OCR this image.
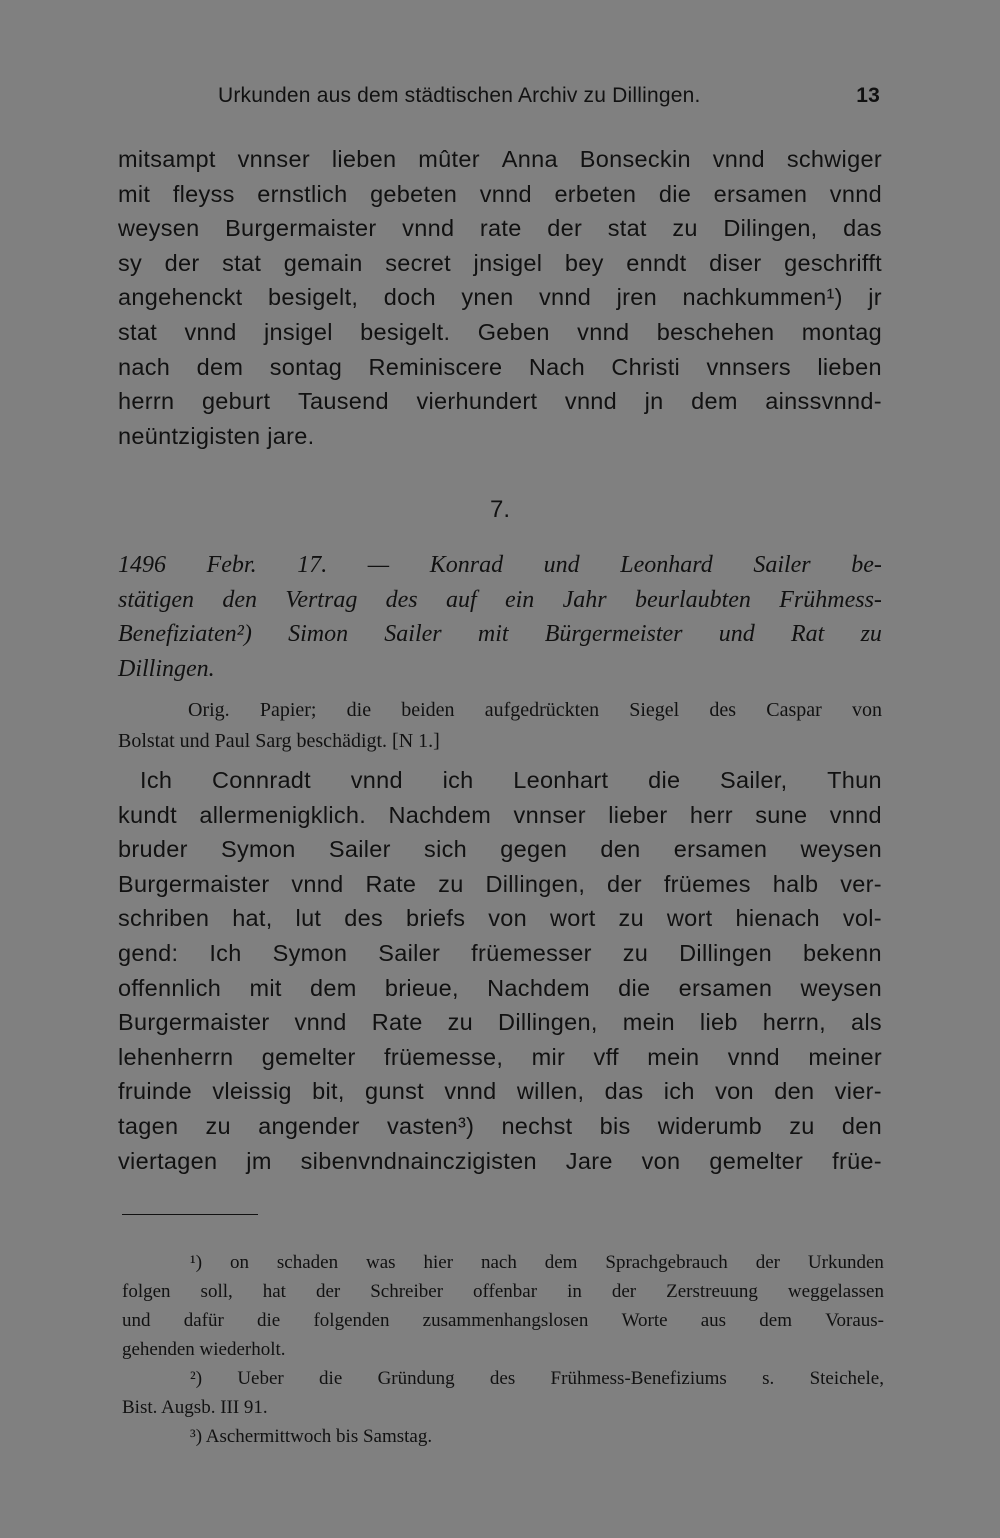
Urkunden aus dem städtischen Archiv zu Dillingen.	13
mitsampt vnnser lieben mûter Anna Bonseckin vnnd schwiger
mit fleyss ernstlich gebeten vnnd erbeten die ersamen vnnd
weysen Burgermaister vnnd rate der stat zu Dilingen, das
sy der stat gemain secret jnsigel bey enndt diser geschrifft
angehenckt besigelt, doch ynen vnnd jren nachkummen¹) jr
stat vnnd jnsigel besigelt. Geben vnnd beschehen montag
nach dem sontag Reminiscere Nach Christi vnnsers lieben
herrn geburt Tausend vierhundert vnnd jn dem ainssvnnd-
neüntzigisten jare.
7.
1496 Febr. 17. — Konrad und Leonhard Sailer be-
stätigen den Vertrag des auf ein Jahr beurlaubten Frühmess-
Benefiziaten²) Simon Sailer mit Bürgermeister und Rat zu
Dillingen.
Orig. Papier; die beiden aufgedrückten Siegel des Caspar von
Bolstat und Paul Sarg beschädigt. [N 1.]
Ich Connradt vnnd ich Leonhart die Sailer, Thun
kundt allermenigklich. Nachdem vnnser lieber herr sune vnnd
bruder Symon Sailer sich gegen den ersamen weysen
Burgermaister vnnd Rate zu Dillingen, der früemes halb ver-
schriben hat, lut des briefs von wort zu wort hienach vol-
gend: Ich Symon Sailer früemesser zu Dillingen bekenn
offennlich mit dem brieue, Nachdem die ersamen weysen
Burgermaister vnnd Rate zu Dillingen, mein lieb herrn, als
lehenherrn gemelter früemesse, mir vff mein vnnd meiner
fruinde vleissig bit, gunst vnnd willen, das ich von den vier-
tagen zu angender vasten³) nechst bis widerumb zu den
viertagen jm sibenvndnainczigisten Jare von gemelter früe-
¹) on schaden was hier nach dem Sprachgebrauch der Urkunden
folgen soll, hat der Schreiber offenbar in der Zerstreuung weggelassen
und dafür die folgenden zusammenhangslosen Worte aus dem Voraus-
gehenden wiederholt.
²) Ueber die Gründung des Frühmess-Benefiziums s. Steichele,
Bist. Augsb. III 91.
³) Aschermittwoch bis Samstag.
